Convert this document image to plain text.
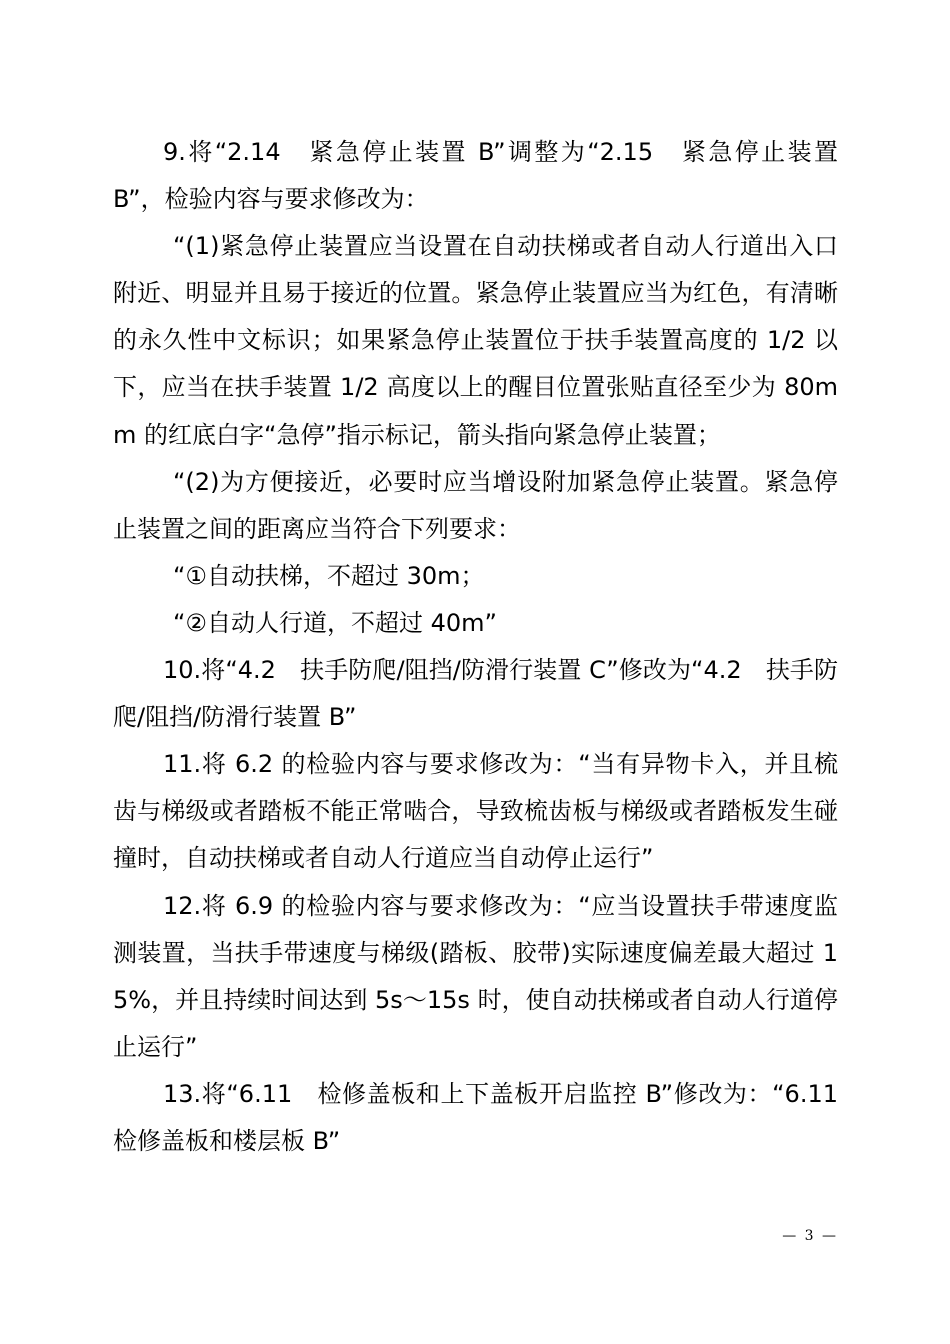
9.将“2.14　紧急停止装置 B”调整为“2.15　紧急停止装置 B”，检验内容与要求修改为：

“(1)紧急停止装置应当设置在自动扶梯或者自动人行道出入口附近、明显并且易于接近的位置。紧急停止装置应当为红色，有清晰的永久性中文标识；如果紧急停止装置位于扶手装置高度的 1/2 以下，应当在扶手装置 1/2 高度以上的醒目位置张贴直径至少为 80mm 的红底白字“急停”指示标记，箭头指向紧急停止装置；

“(2)为方便接近，必要时应当增设附加紧急停止装置。紧急停止装置之间的距离应当符合下列要求：

“①自动扶梯，不超过 30m；

“②自动人行道，不超过 40m”

10.将“4.2　扶手防爬/阻挡/防滑行装置 C”修改为“4.2　扶手防爬/阻挡/防滑行装置 B”

11.将 6.2 的检验内容与要求修改为：“当有异物卡入，并且梳齿与梯级或者踏板不能正常啮合，导致梳齿板与梯级或者踏板发生碰撞时，自动扶梯或者自动人行道应当自动停止运行”

12.将 6.9 的检验内容与要求修改为：“应当设置扶手带速度监测装置，当扶手带速度与梯级(踏板、胶带)实际速度偏差最大超过 15%，并且持续时间达到 5s～15s 时，使自动扶梯或者自动人行道停止运行”

13.将“6.11　检修盖板和上下盖板开启监控 B”修改为：“6.11　检修盖板和楼层板 B”

— 3 —
